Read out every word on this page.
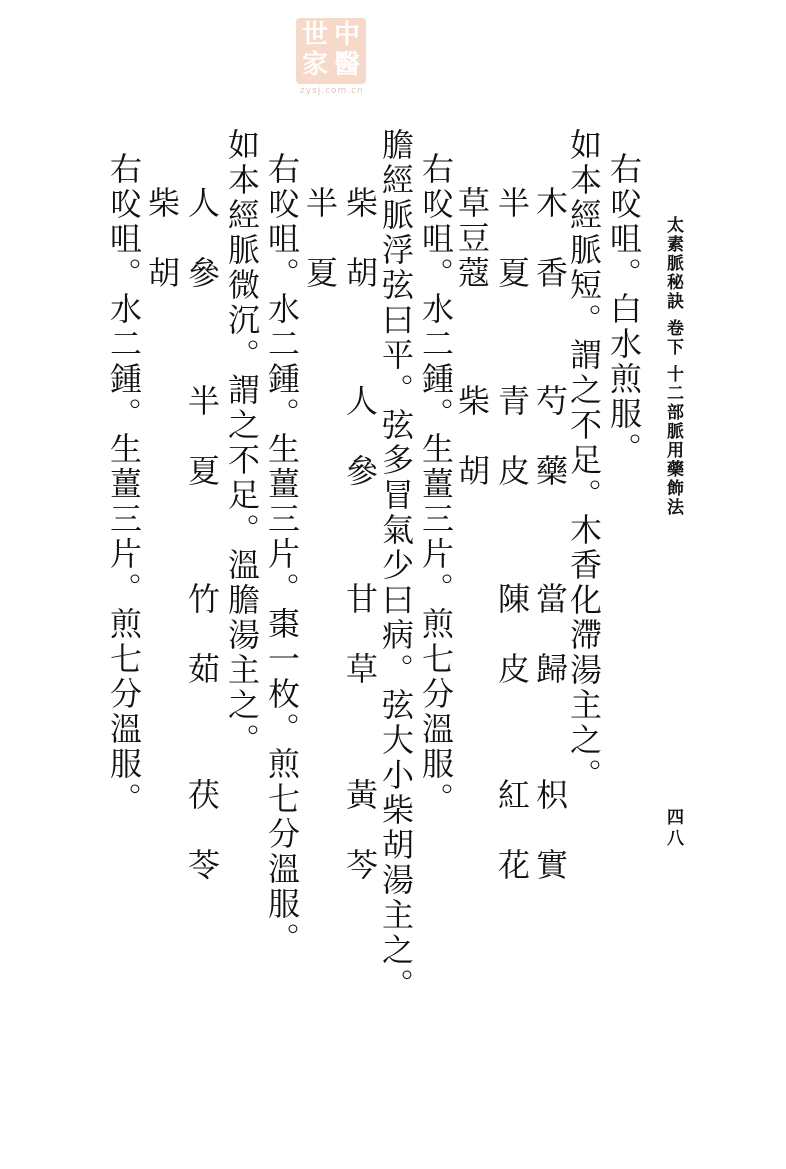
中
醫
世
家
zysj.com.cn
太素脈秘訣 卷下 十二部脈用藥飾法
四八
右㕮咀。白水煎服。
如本經脈短。謂之不足。木香化滯湯主之。
木　香
芍　藥
當　歸
枳　實
半　夏
青　皮
陳　皮
紅　花
草豆蔻
柴　胡
右㕮咀。水二鍾。生薑三片。煎七分溫服。
膽經脈浮弦曰平。弦多冒氣少曰病。弦大小柴胡湯主之。
柴　胡
人　參
甘　草
黃　芩
半　夏
右㕮咀。水二鍾。生薑三片。棗一枚。煎七分溫服。
如本經脈微沉。謂之不足。溫膽湯主之。
人　參
半　夏
竹　茹
茯　苓
柴　胡
右㕮咀。水二鍾。生薑三片。煎七分溫服。
